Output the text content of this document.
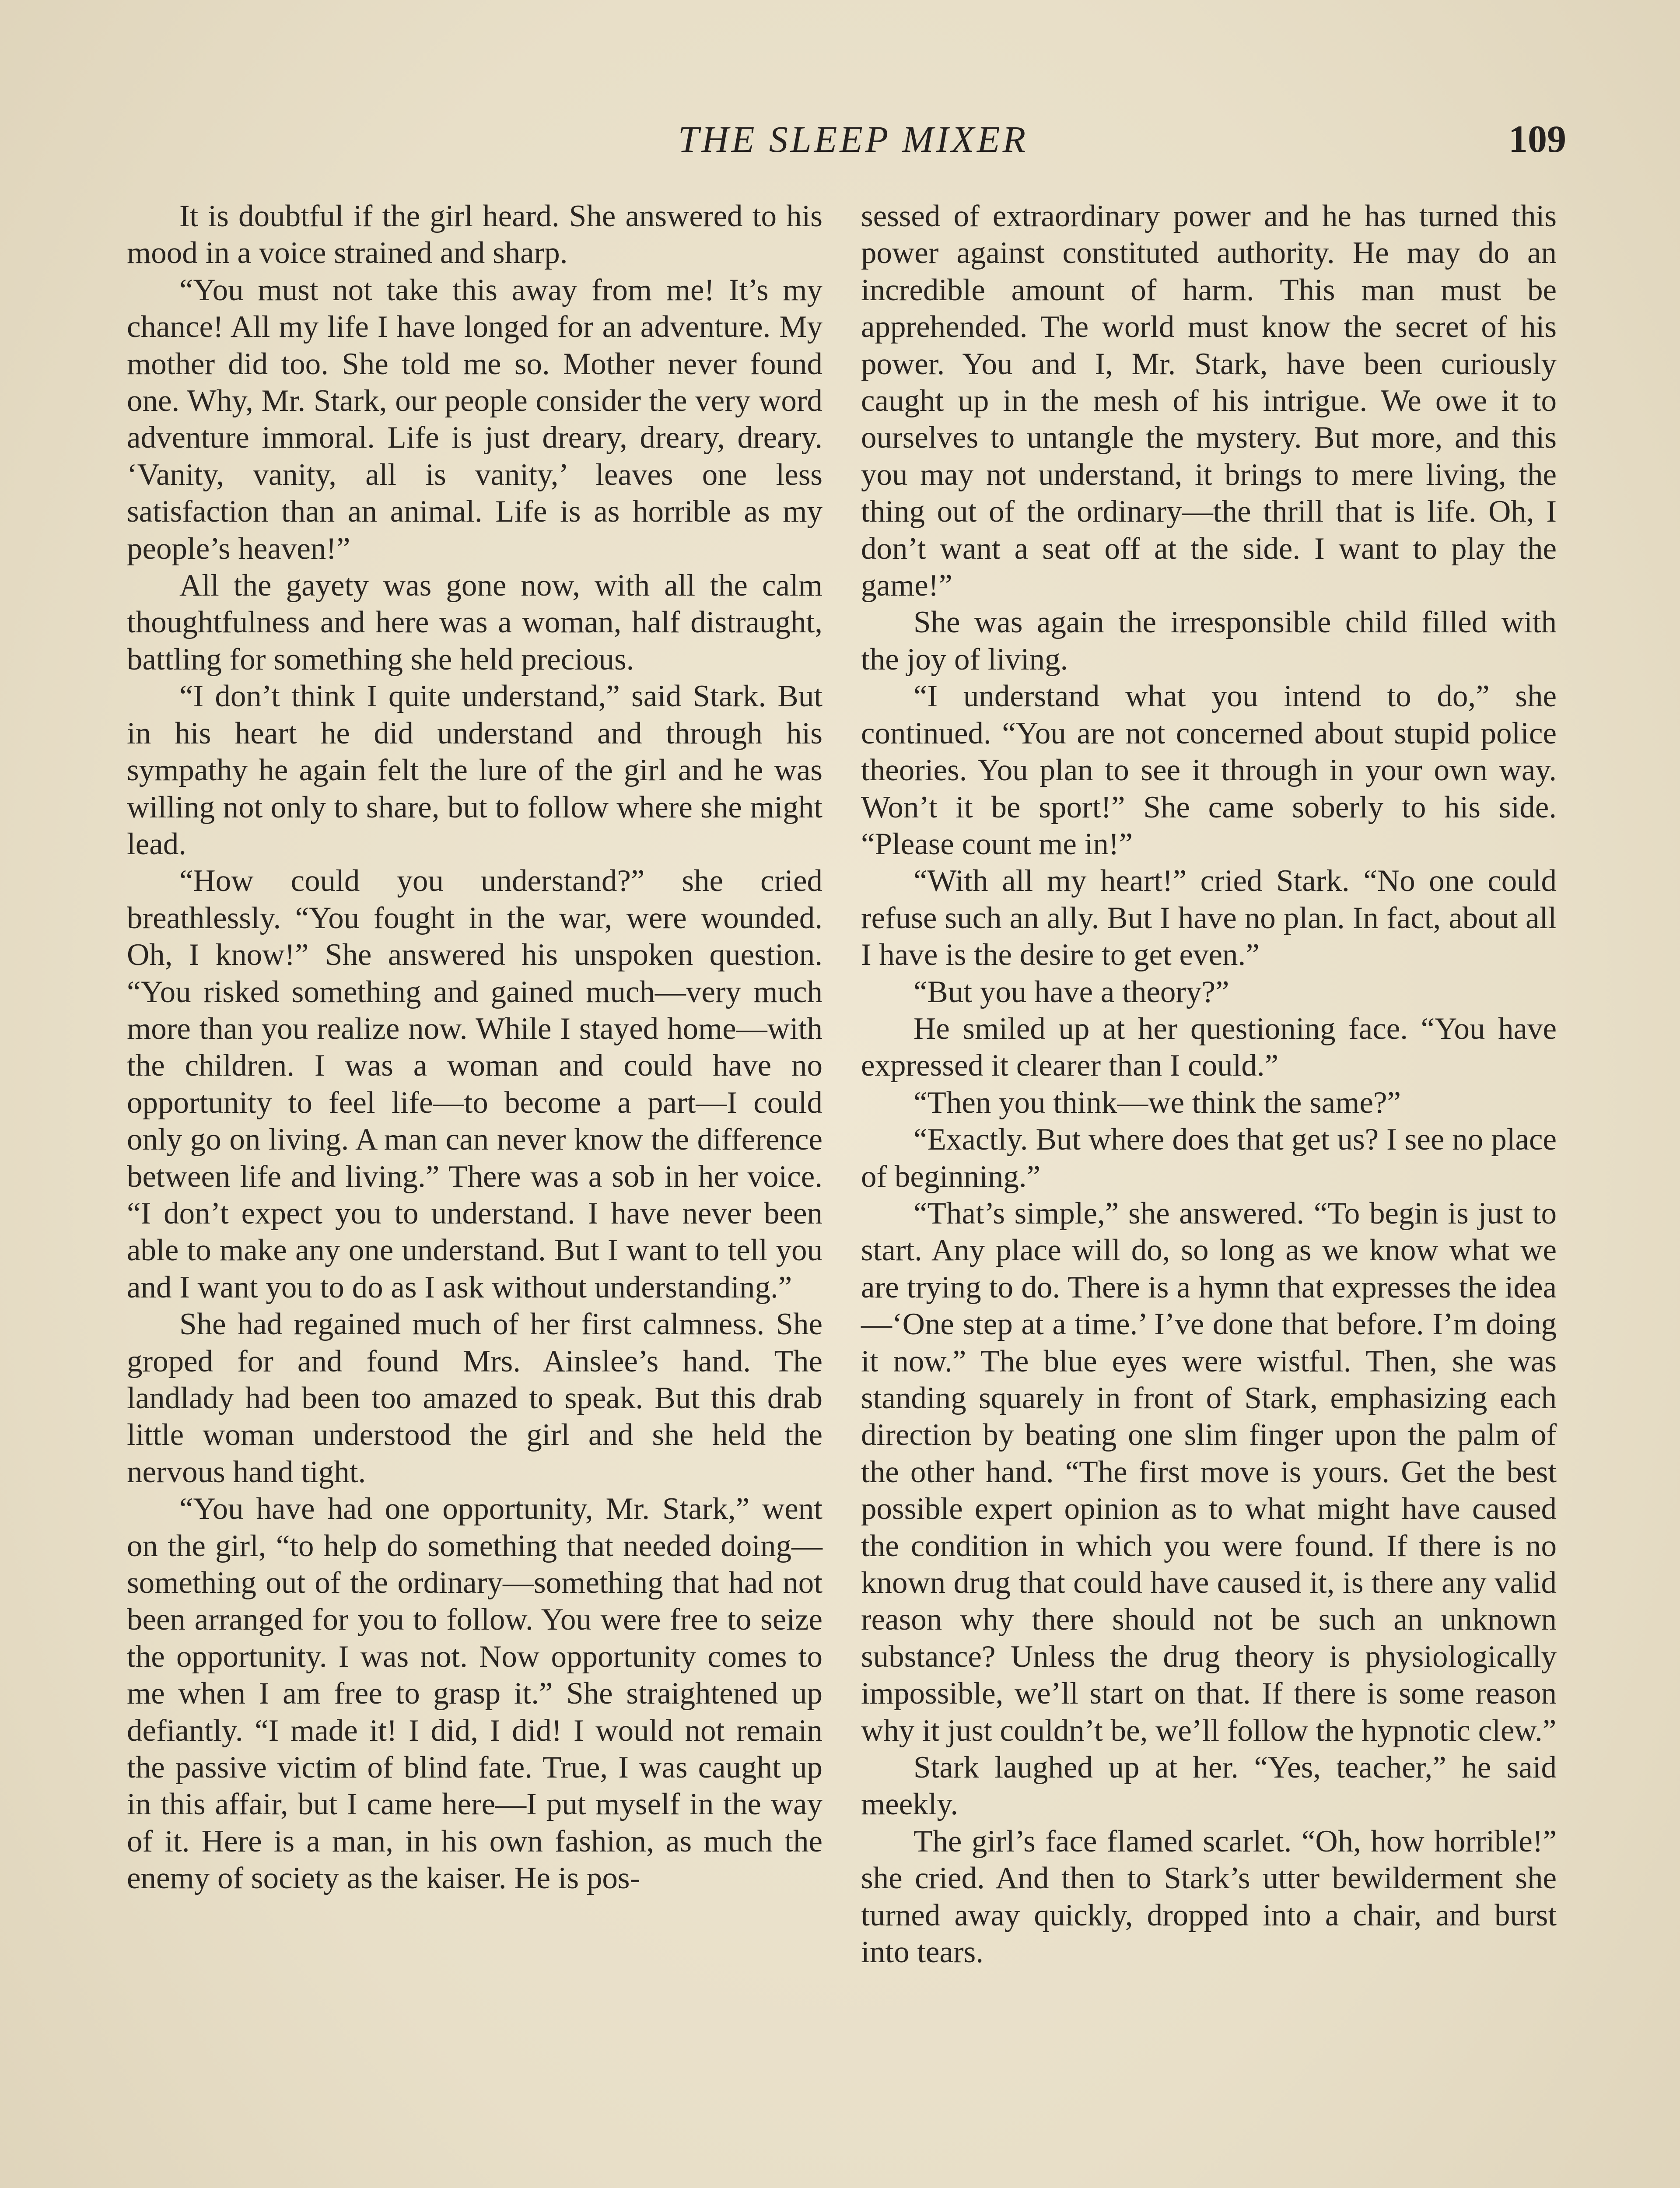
THE SLEEP MIXER	109

It is doubtful if the girl heard. She answered to his mood in a voice strained and sharp.

“You must not take this away from me! It’s my chance! All my life I have longed for an adventure. My mother did too. She told me so. Mother never found one. Why, Mr. Stark, our people consider the very word adventure immoral. Life is just dreary, dreary, dreary. ‘Vanity, vanity, all is vanity,’ leaves one less satisfaction than an animal. Life is as horrible as my people’s heaven!”

All the gayety was gone now, with all the calm thoughtfulness and here was a woman, half distraught, battling for something she held precious.

“I don’t think I quite understand,” said Stark. But in his heart he did understand and through his sympathy he again felt the lure of the girl and he was willing not only to share, but to follow where she might lead.

“How could you understand?” she cried breathlessly. “You fought in the war, were wounded. Oh, I know!” She answered his unspoken question. “You risked something and gained much—very much more than you realize now. While I stayed home—with the children. I was a woman and could have no opportunity to feel life—to become a part—I could only go on living. A man can never know the difference between life and living.” There was a sob in her voice. “I don’t expect you to understand. I have never been able to make any one understand. But I want to tell you and I want you to do as I ask without understanding.”

She had regained much of her first calmness. She groped for and found Mrs. Ainslee’s hand. The landlady had been too amazed to speak. But this drab little woman understood the girl and she held the nervous hand tight.

“You have had one opportunity, Mr. Stark,” went on the girl, “to help do something that needed doing—something out of the ordinary—something that had not been arranged for you to follow. You were free to seize the opportunity. I was not. Now opportunity comes to me when I am free to grasp it.” She straightened up defiantly. “I made it! I did, I did! I would not remain the passive victim of blind fate. True, I was caught up in this affair, but I came here—I put myself in the way of it. Here is a man, in his own fashion, as much the enemy of society as the kaiser. He is pos-

sessed of extraordinary power and he has turned this power against constituted authority. He may do an incredible amount of harm. This man must be apprehended. The world must know the secret of his power. You and I, Mr. Stark, have been curiously caught up in the mesh of his intrigue. We owe it to ourselves to untangle the mystery. But more, and this you may not understand, it brings to mere living, the thing out of the ordinary—the thrill that is life. Oh, I don’t want a seat off at the side. I want to play the game!”

She was again the irresponsible child filled with the joy of living.

“I understand what you intend to do,” she continued. “You are not concerned about stupid police theories. You plan to see it through in your own way. Won’t it be sport!” She came soberly to his side. “Please count me in!”

“With all my heart!” cried Stark. “No one could refuse such an ally. But I have no plan. In fact, about all I have is the desire to get even.”

“But you have a theory?”

He smiled up at her questioning face. “You have expressed it clearer than I could.”

“Then you think—we think the same?”

“Exactly. But where does that get us? I see no place of beginning.”

“That’s simple,” she answered. “To begin is just to start. Any place will do, so long as we know what we are trying to do. There is a hymn that expresses the idea—‘One step at a time.’ I’ve done that before. I’m doing it now.” The blue eyes were wistful. Then, she was standing squarely in front of Stark, emphasizing each direction by beating one slim finger upon the palm of the other hand. “The first move is yours. Get the best possible expert opinion as to what might have caused the condition in which you were found. If there is no known drug that could have caused it, is there any valid reason why there should not be such an unknown substance? Unless the drug theory is physiologically impossible, we’ll start on that. If there is some reason why it just couldn’t be, we’ll follow the hypnotic clew.”

Stark laughed up at her. “Yes, teacher,” he said meekly.

The girl’s face flamed scarlet. “Oh, how horrible!” she cried. And then to Stark’s utter bewilderment she turned away quickly, dropped into a chair, and burst into tears.
